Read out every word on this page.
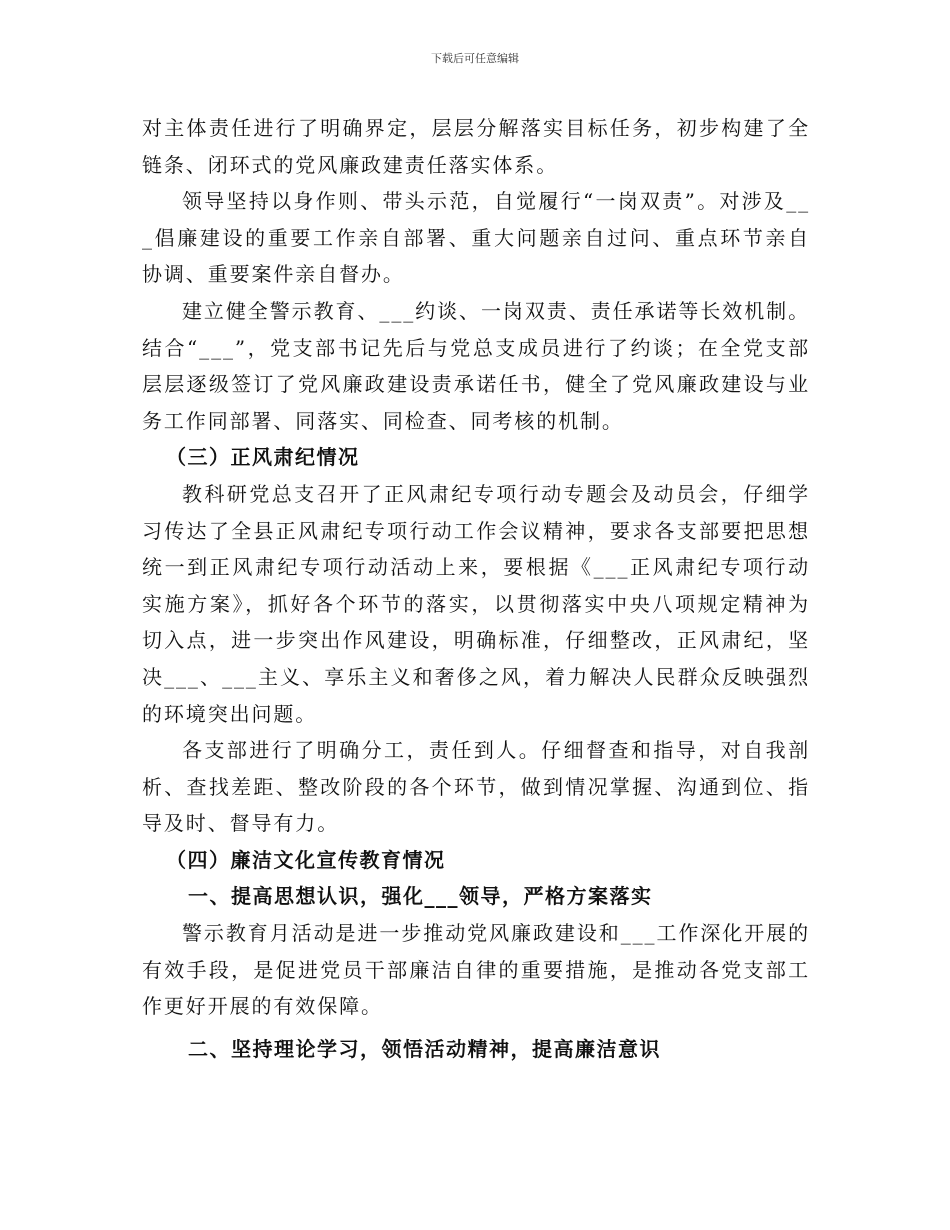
下载后可任意编辑

对主体责任进行了明确界定，层层分解落实目标任务，初步构建了全链条、闭环式的党风廉政建责任落实体系。

领导坚持以身作则、带头示范，自觉履行“一岗双责”。对涉及___倡廉建设的重要工作亲自部署、重大问题亲自过问、重点环节亲自协调、重要案件亲自督办。

建立健全警示教育、___约谈、一岗双责、责任承诺等长效机制。结合“___”，党支部书记先后与党总支成员进行了约谈；在全党支部层层逐级签订了党风廉政建设责承诺任书，健全了党风廉政建设与业务工作同部署、同落实、同检查、同考核的机制。

（三）正风肃纪情况

教科研党总支召开了正风肃纪专项行动专题会及动员会，仔细学习传达了全县正风肃纪专项行动工作会议精神，要求各支部要把思想统一到正风肃纪专项行动活动上来，要根据《___正风肃纪专项行动实施方案》，抓好各个环节的落实，以贯彻落实中央八项规定精神为切入点，进一步突出作风建设，明确标准，仔细整改，正风肃纪，坚决___、___主义、享乐主义和奢侈之风，着力解决人民群众反映强烈的环境突出问题。

各支部进行了明确分工，责任到人。仔细督查和指导，对自我剖析、查找差距、整改阶段的各个环节，做到情况掌握、沟通到位、指导及时、督导有力。

（四）廉洁文化宣传教育情况

一、提高思想认识，强化___领导，严格方案落实

警示教育月活动是进一步推动党风廉政建设和___工作深化开展的有效手段，是促进党员干部廉洁自律的重要措施，是推动各党支部工作更好开展的有效保障。

二、坚持理论学习，领悟活动精神，提高廉洁意识
